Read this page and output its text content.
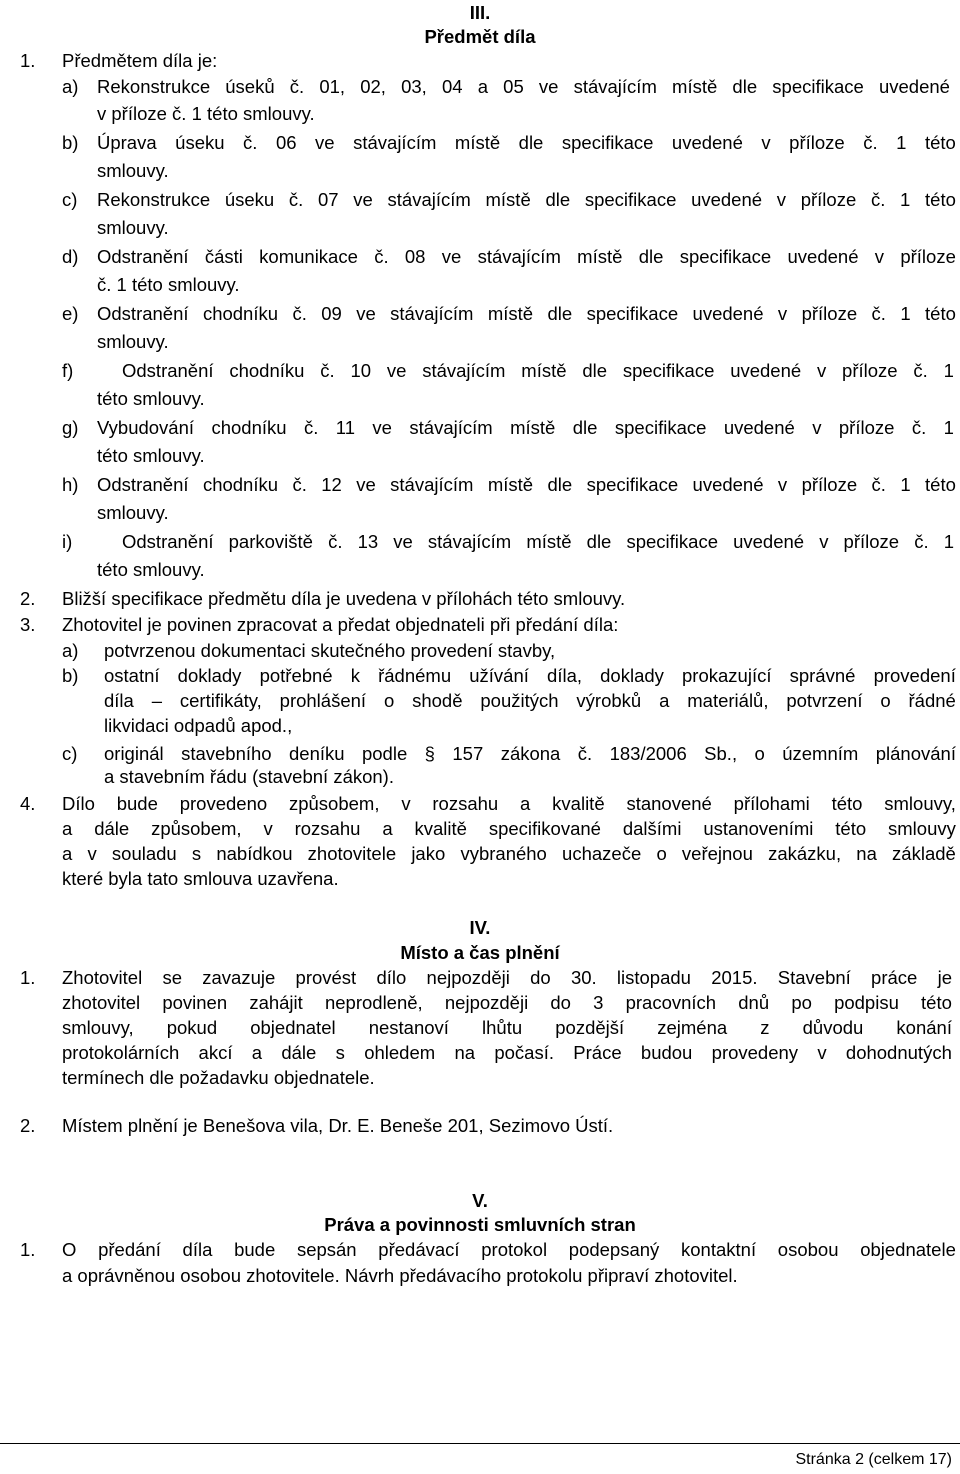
III.
Předmět díla
1. Předmětem díla je:
a) Rekonstrukce úseků č. 01, 02, 03, 04 a 05 ve stávajícím místě dle specifikace uvedené
v příloze č. 1 této smlouvy.
b) Úprava úseku č. 06 ve stávajícím místě dle specifikace uvedené v příloze č. 1 této
smlouvy.
c) Rekonstrukce úseku č. 07 ve stávajícím místě dle specifikace uvedené v příloze č. 1 této
smlouvy.
d) Odstranění části komunikace č. 08 ve stávajícím místě dle specifikace uvedené v příloze
č. 1 této smlouvy.
e) Odstranění chodníku č. 09 ve stávajícím místě dle specifikace uvedené v příloze č. 1 této
smlouvy.
f)	Odstranění chodníku č. 10 ve stávajícím místě dle specifikace uvedené v příloze č. 1
této smlouvy.
g) Vybudování chodníku č. 11 ve stávajícím místě dle specifikace uvedené v příloze č. 1
této smlouvy.
h) Odstranění chodníku č. 12 ve stávajícím místě dle specifikace uvedené v příloze č. 1 této
smlouvy.
i)	Odstranění parkoviště č. 13 ve stávajícím místě dle specifikace uvedené v příloze č. 1
této smlouvy.
2. Bližší specifikace předmětu díla je uvedena v přílohách této smlouvy.
3. Zhotovitel je povinen zpracovat a předat objednateli při předání díla:
a) potvrzenou dokumentaci skutečného provedení stavby,
b) ostatní doklady potřebné k řádnému užívání díla, doklady prokazující správné provedení
díla – certifikáty, prohlášení o shodě použitých výrobků a materiálů, potvrzení o řádné
likvidaci odpadů apod.,
c) originál stavebního deníku podle § 157 zákona č. 183/2006 Sb., o územním plánování
a stavebním řádu (stavební zákon).
4. Dílo bude provedeno způsobem, v rozsahu a kvalitě stanovené přílohami této smlouvy,
a dále způsobem, v rozsahu a kvalitě specifikované dalšími ustanoveními této smlouvy
a v souladu s nabídkou zhotovitele jako vybraného uchazeče o veřejnou zakázku, na základě
které byla tato smlouva uzavřena.
IV.
Místo a čas plnění
1. Zhotovitel se zavazuje provést dílo nejpozději do 30. listopadu 2015. Stavební práce je
zhotovitel povinen zahájit neprodleně, nejpozději do 3 pracovních dnů po podpisu této
smlouvy, pokud objednatel nestanoví lhůtu pozdější zejména z důvodu konání
protokolárních akcí a dále s ohledem na počasí. Práce budou provedeny v dohodnutých
termínech dle požadavku objednatele.
2. Místem plnění je Benešova vila, Dr. E. Beneše 201, Sezimovo Ústí.
V.
Práva a povinnosti smluvních stran
1. O předání díla bude sepsán předávací protokol podepsaný kontaktní osobou objednatele
a oprávněnou osobou zhotovitele. Návrh předávacího protokolu připraví zhotovitel.
Stránka 2 (celkem 17)
